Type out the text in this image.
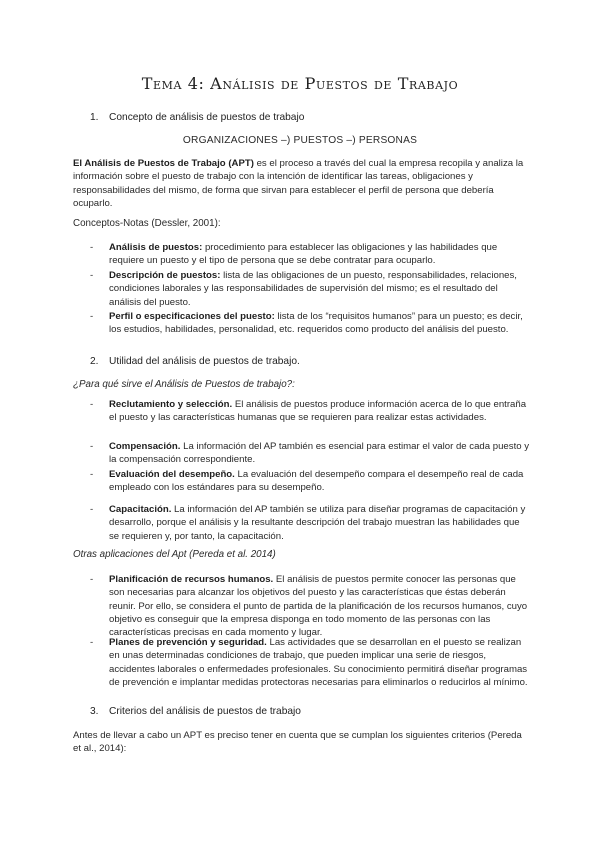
Tema 4: Análisis de Puestos de Trabajo
1. Concepto de análisis de puestos de trabajo
ORGANIZACIONES –) PUESTOS –) PERSONAS
El Análisis de Puestos de Trabajo (APT) es el proceso a través del cual la empresa recopila y analiza la información sobre el puesto de trabajo con la intención de identificar las tareas, obligaciones y responsabilidades del mismo, de forma que sirvan para establecer el perfil de persona que debería ocuparlo.
Conceptos-Notas (Dessler, 2001):
- Análisis de puestos: procedimiento para establecer las obligaciones y las habilidades que requiere un puesto y el tipo de persona que se debe contratar para ocuparlo.
- Descripción de puestos: lista de las obligaciones de un puesto, responsabilidades, relaciones, condiciones laborales y las responsabilidades de supervisión del mismo; es el resultado del análisis del puesto.
- Perfil o especificaciones del puesto: lista de los “requisitos humanos” para un puesto; es decir, los estudios, habilidades, personalidad, etc. requeridos como producto del análisis del puesto.
2. Utilidad del análisis de puestos de trabajo.
¿Para qué sirve el Análisis de Puestos de trabajo?:
- Reclutamiento y selección. El análisis de puestos produce información acerca de lo que entraña el puesto y las características humanas que se requieren para realizar estas actividades.
- Compensación. La información del AP también es esencial para estimar el valor de cada puesto y la compensación correspondiente.
- Evaluación del desempeño. La evaluación del desempeño compara el desempeño real de cada empleado con los estándares para su desempeño.
- Capacitación. La información del AP también se utiliza para diseñar programas de capacitación y desarrollo, porque el análisis y la resultante descripción del trabajo muestran las habilidades que se requieren y, por tanto, la capacitación.
Otras aplicaciones del Apt (Pereda et al. 2014)
- Planificación de recursos humanos. El análisis de puestos permite conocer las personas que son necesarias para alcanzar los objetivos del puesto y las características que éstas deberán reunir. Por ello, se considera el punto de partida de la planificación de los recursos humanos, cuyo objetivo es conseguir que la empresa disponga en todo momento de las personas con las características precisas en cada momento y lugar.
- Planes de prevención y seguridad. Las actividades que se desarrollan en el puesto se realizan en unas determinadas condiciones de trabajo, que pueden implicar una serie de riesgos, accidentes laborales o enfermedades profesionales. Su conocimiento permitirá diseñar programas de prevención e implantar medidas protectoras necesarias para eliminarlos o reducirlos al mínimo.
3. Criterios del análisis de puestos de trabajo
Antes de llevar a cabo un APT es preciso tener en cuenta que se cumplan los siguientes criterios (Pereda et al., 2014):
